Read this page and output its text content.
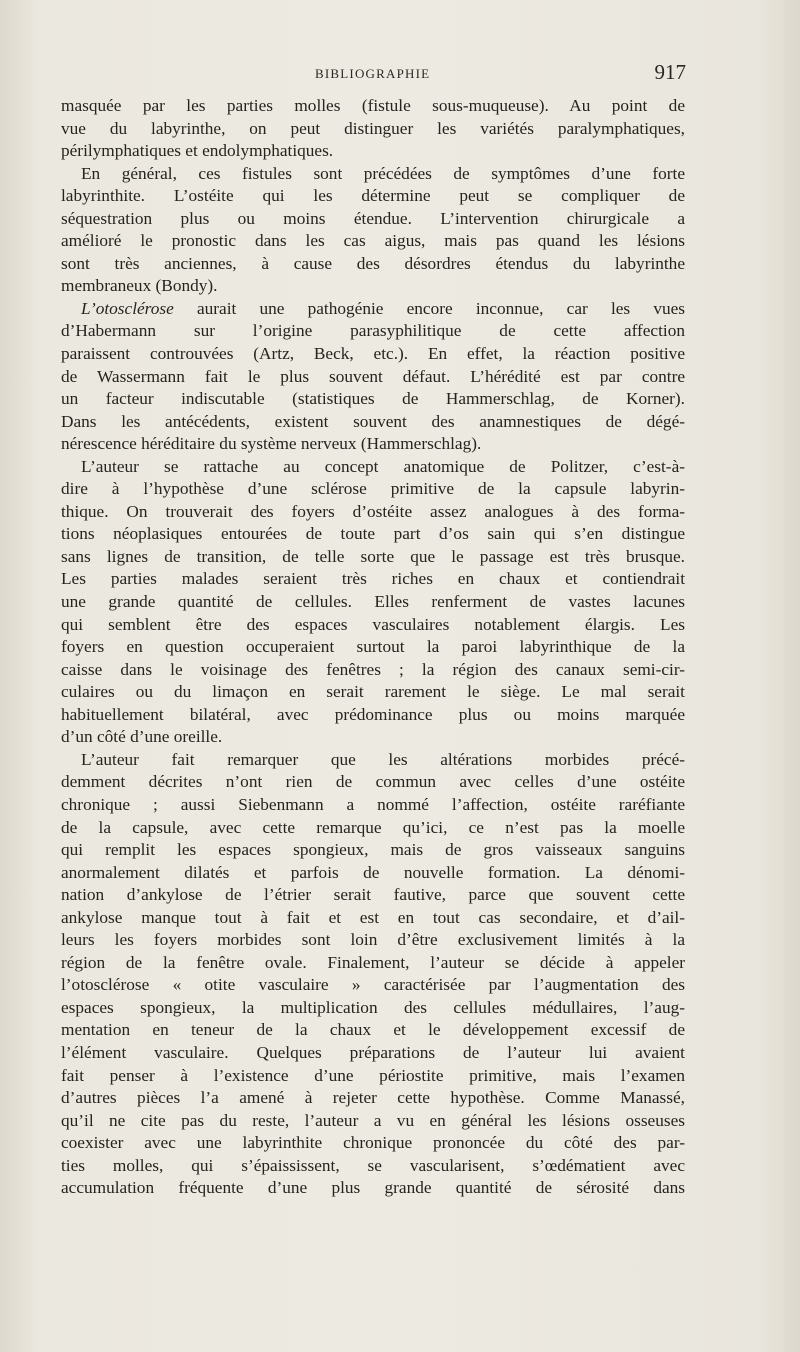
BIBLIOGRAPHIE	917
masquée par les parties molles (fistule sous-muqueuse). Au point de
vue du labyrinthe, on peut distinguer les variétés paralymphatiques,
périlymphatiques et endolymphatiques.
En général, ces fistules sont précédées de symptômes d’une forte
labyrinthite. L’ostéite qui les détermine peut se compliquer de
séquestration plus ou moins étendue. L’intervention chirurgicale a
amélioré le pronostic dans les cas aigus, mais pas quand les lésions
sont très anciennes, à cause des désordres étendus du labyrinthe
membraneux (Bondy).
L’otosclérose aurait une pathogénie encore inconnue, car les vues
d’Habermann sur l’origine parasyphilitique de cette affection
paraissent controuvées (Artz, Beck, etc.). En effet, la réaction positive
de Wassermann fait le plus souvent défaut. L’hérédité est par contre
un facteur indiscutable (statistiques de Hammerschlag, de Korner).
Dans les antécédents, existent souvent des anamnestiques de dégé-
nérescence héréditaire du système nerveux (Hammerschlag).
L’auteur se rattache au concept anatomique de Politzer, c’est-à-
dire à l’hypothèse d’une sclérose primitive de la capsule labyrin-
thique. On trouverait des foyers d’ostéite assez analogues à des forma-
tions néoplasiques entourées de toute part d’os sain qui s’en distingue
sans lignes de transition, de telle sorte que le passage est très brusque.
Les parties malades seraient très riches en chaux et contiendrait
une grande quantité de cellules. Elles renferment de vastes lacunes
qui semblent être des espaces vasculaires notablement élargis. Les
foyers en question occuperaient surtout la paroi labyrinthique de la
caisse dans le voisinage des fenêtres ; la région des canaux semi-cir-
culaires ou du limaçon en serait rarement le siège. Le mal serait
habituellement bilatéral, avec prédominance plus ou moins marquée
d’un côté d’une oreille.
L’auteur fait remarquer que les altérations morbides précé-
demment décrites n’ont rien de commun avec celles d’une ostéite
chronique ; aussi Siebenmann a nommé l’affection, ostéite raréfiante
de la capsule, avec cette remarque qu’ici, ce n’est pas la moelle
qui remplit les espaces spongieux, mais de gros vaisseaux sanguins
anormalement dilatés et parfois de nouvelle formation. La dénomi-
nation d’ankylose de l’étrier serait fautive, parce que souvent cette
ankylose manque tout à fait et est en tout cas secondaire, et d’ail-
leurs les foyers morbides sont loin d’être exclusivement limités à la
région de la fenêtre ovale. Finalement, l’auteur se décide à appeler
l’otosclérose « otite vasculaire » caractérisée par l’augmentation des
espaces spongieux, la multiplication des cellules médullaires, l’aug-
mentation en teneur de la chaux et le développement excessif de
l’élément vasculaire. Quelques préparations de l’auteur lui avaient
fait penser à l’existence d’une périostite primitive, mais l’examen
d’autres pièces l’a amené à rejeter cette hypothèse. Comme Manassé,
qu’il ne cite pas du reste, l’auteur a vu en général les lésions osseuses
coexister avec une labyrinthite chronique prononcée du côté des par-
ties molles, qui s’épaississent, se vascularisent, s’œdématient avec
accumulation fréquente d’une plus grande quantité de sérosité dans
